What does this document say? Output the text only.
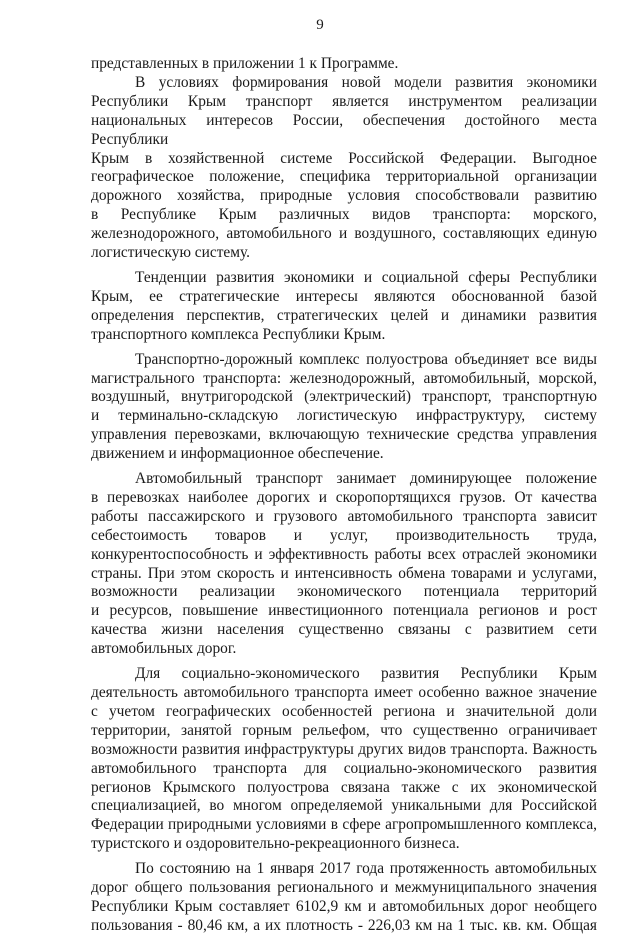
9
представленных в приложении 1 к Программе.
В условиях формирования новой модели развития экономики
Республики Крым транспорт является инструментом реализации
национальных интересов России, обеспечения достойного места Республики
Крым в хозяйственной системе Российской Федерации. Выгодное
географическое положение, специфика территориальной организации
дорожного хозяйства, природные условия способствовали развитию
в Республике Крым различных видов транспорта: морского,
железнодорожного, автомобильного и воздушного, составляющих единую
логистическую систему.
Тенденции развития экономики и социальной сферы Республики
Крым, ее стратегические интересы являются обоснованной базой
определения перспектив, стратегических целей и динамики развития
транспортного комплекса Республики Крым.
Транспортно-дорожный комплекс полуострова объединяет все виды
магистрального транспорта: железнодорожный, автомобильный, морской,
воздушный, внутригородской (электрический) транспорт, транспортную
и терминально-складскую логистическую инфраструктуру, систему
управления перевозками, включающую технические средства управления
движением и информационное обеспечение.
Автомобильный транспорт занимает доминирующее положение
в перевозках наиболее дорогих и скоропортящихся грузов. От качества
работы пассажирского и грузового автомобильного транспорта зависит
себестоимость товаров и услуг, производительность труда,
конкурентоспособность и эффективность работы всех отраслей экономики
страны. При этом скорость и интенсивность обмена товарами и услугами,
возможности реализации экономического потенциала территорий
и ресурсов, повышение инвестиционного потенциала регионов и рост
качества жизни населения существенно связаны с развитием сети
автомобильных дорог.
Для социально-экономического развития Республики Крым
деятельность автомобильного транспорта имеет особенно важное значение
с учетом географических особенностей региона и значительной доли
территории, занятой горным рельефом, что существенно ограничивает
возможности развития инфраструктуры других видов транспорта. Важность
автомобильного транспорта для социально-экономического развития
регионов Крымского полуострова связана также с их экономической
специализацией, во многом определяемой уникальными для Российской
Федерации природными условиями в сфере агропромышленного комплекса,
туристского и оздоровительно-рекреационного бизнеса.
По состоянию на 1 января 2017 года протяженность автомобильных
дорог общего пользования регионального и межмуниципального значения
Республики Крым составляет 6102,9 км и автомобильных дорог необщего
пользования - 80,46 км, а их плотность - 226,03 км на 1 тыс. кв. км. Общая
